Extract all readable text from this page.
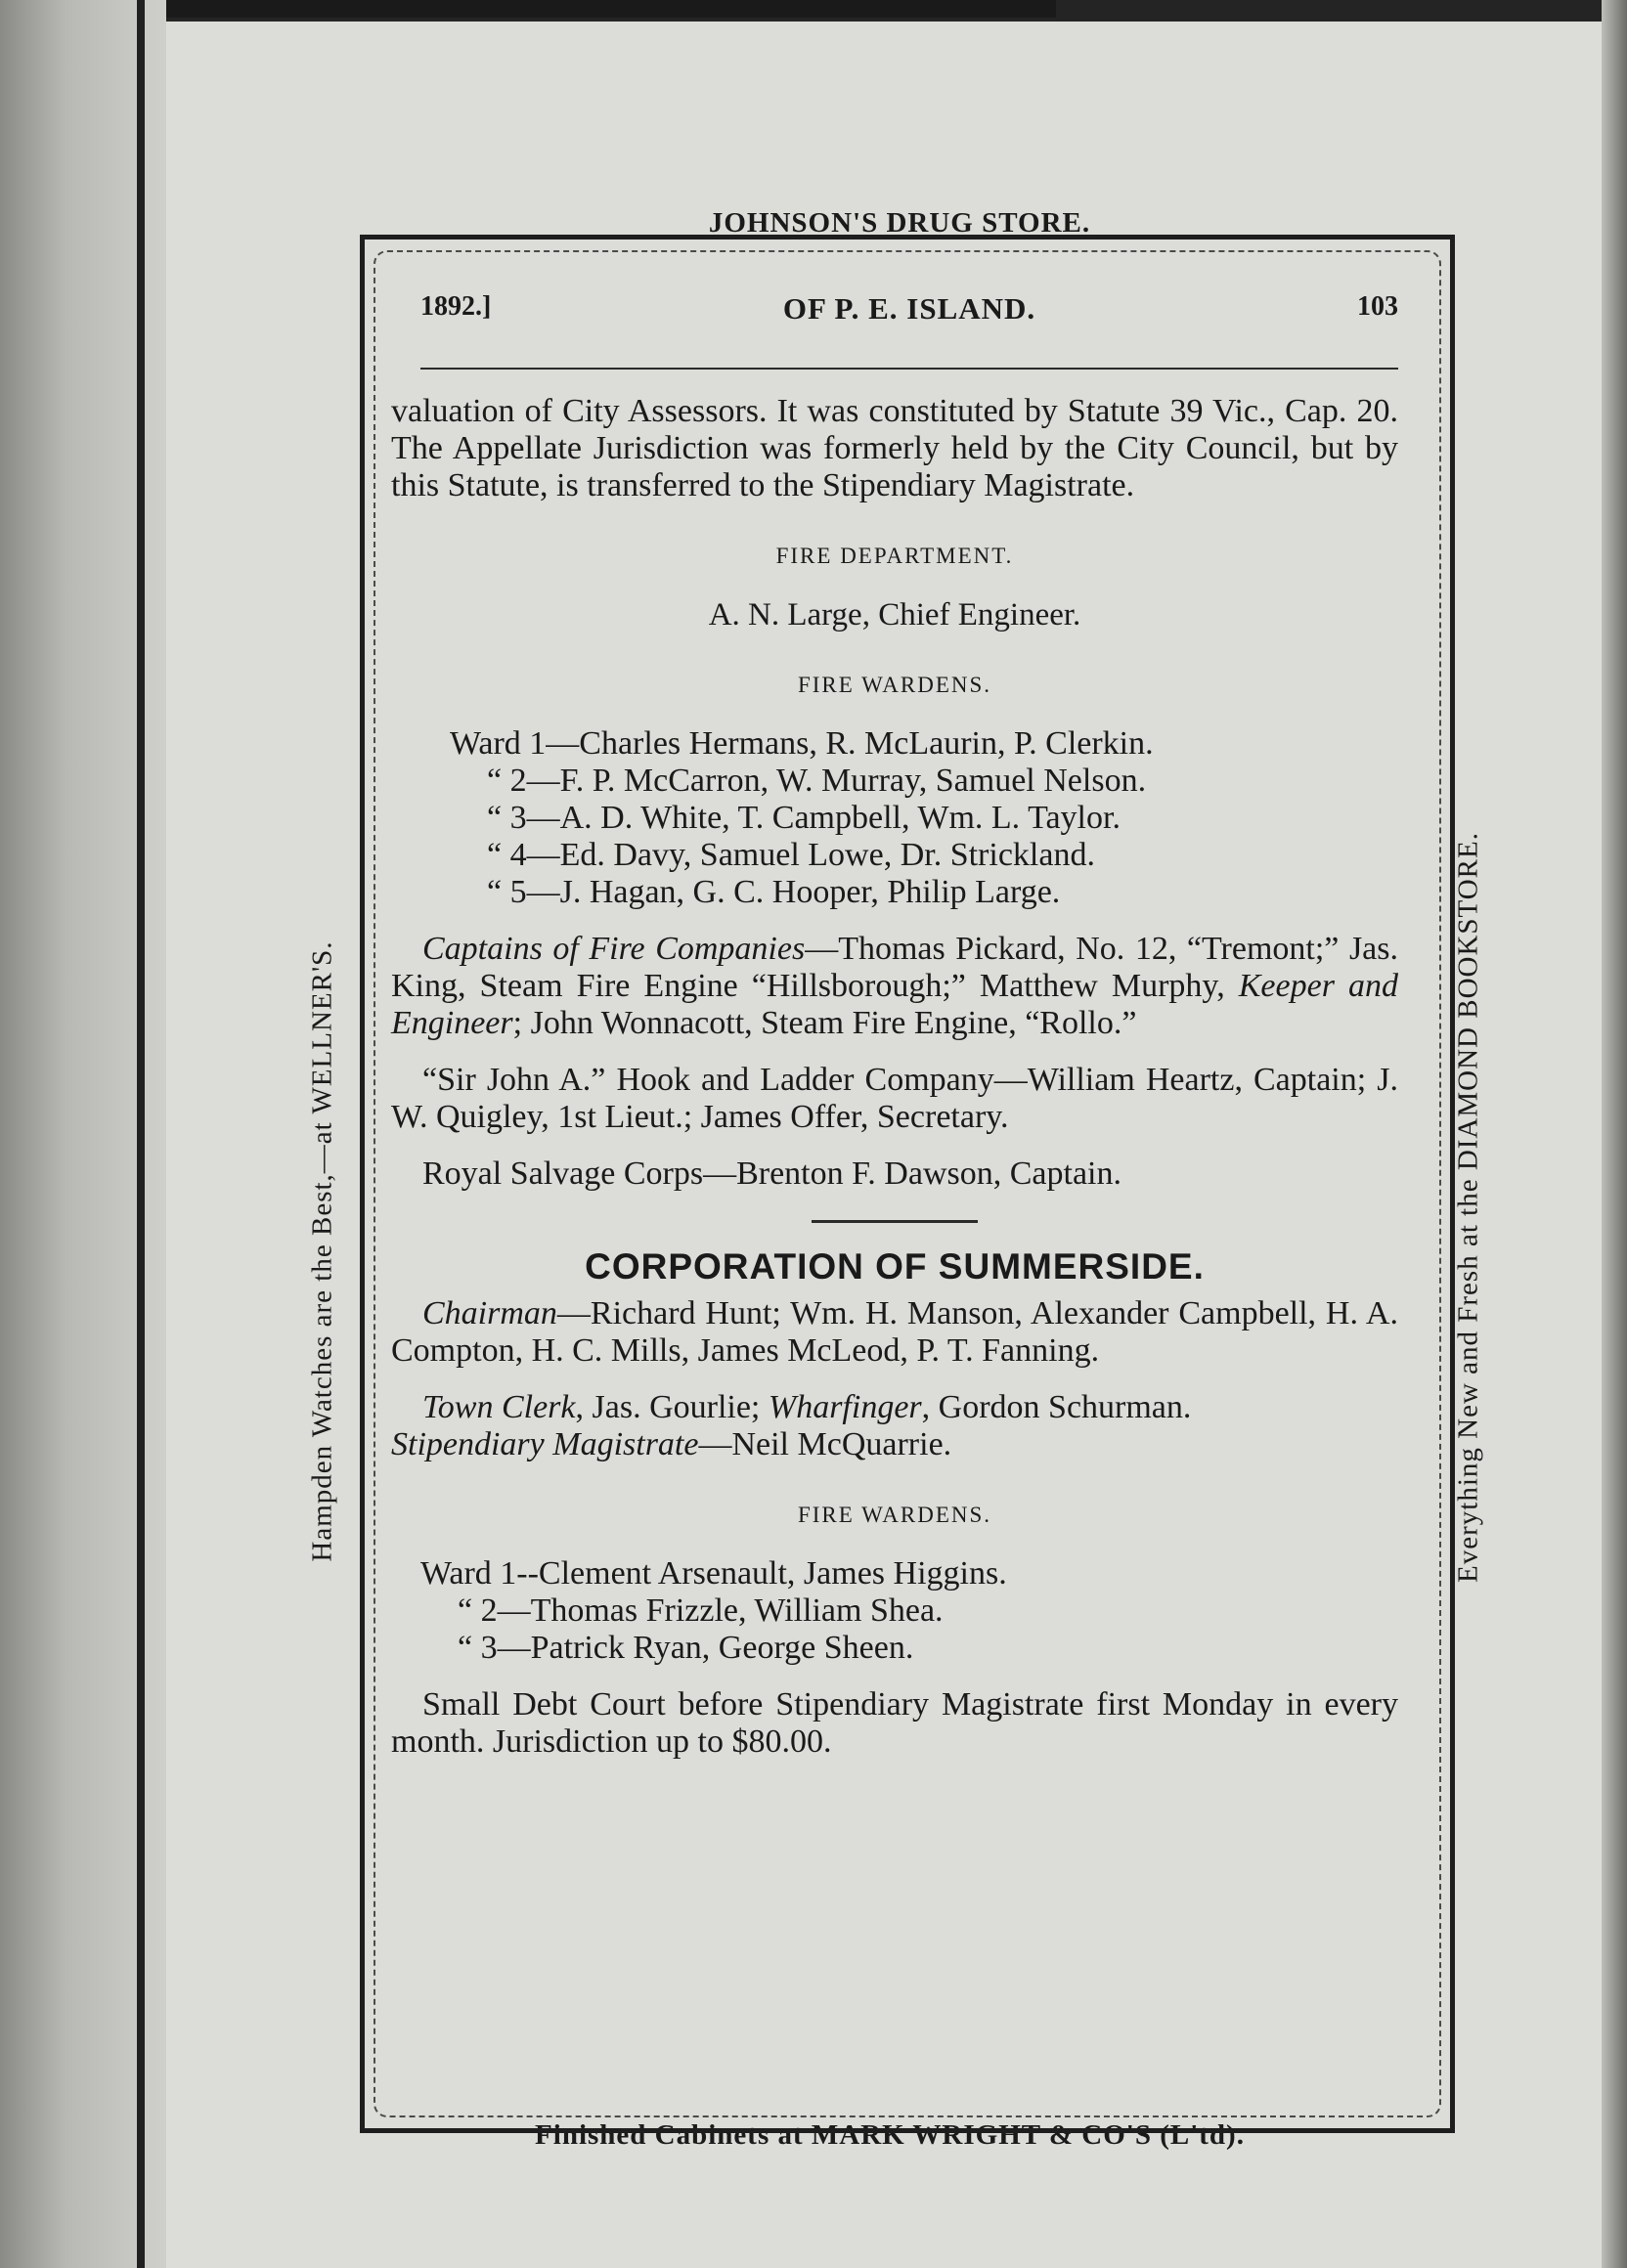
JOHNSON'S DRUG STORE.
Hampden Watches are the Best,—at WELLNER'S.	Everything New and Fresh at the DIAMOND BOOKSTORE.
Finished Cabinets at MARK WRIGHT & CO'S (L'td).
1892.]	OF P. E. ISLAND.	103

valuation of City Assessors. It was constituted by Statute 39 Vic., Cap. 20. The Appellate Jurisdiction was formerly held by the City Council, but by this Statute, is transferred to the Stipendiary Magistrate.

FIRE DEPARTMENT.
A. N. Large, Chief Engineer.
FIRE WARDENS.
Ward 1 —Charles Hermans, R. McLaurin, P. Clerkin.
“ 2 —F. P. McCarron, W. Murray, Samuel Nelson.
“ 3 —A. D. White, T. Campbell, Wm. L. Taylor.
“ 4 —Ed. Davy, Samuel Lowe, Dr. Strickland.
“ 5 —J. Hagan, G. C. Hooper, Philip Large.

Captains of Fire Companies—Thomas Pickard, No. 12, “Tremont;” Jas. King, Steam Fire Engine “Hillsborough;” Matthew Murphy, Keeper and Engineer; John Wonnacott, Steam Fire Engine, “Rollo.”

“Sir John A.” Hook and Ladder Company—William Heartz, Captain; J. W. Quigley, 1st Lieut.; James Offer, Secretary.

Royal Salvage Corps—Brenton F. Dawson, Captain.

CORPORATION OF SUMMERSIDE.

Chairman—Richard Hunt; Wm. H. Manson, Alexander Campbell, H. A. Compton, H. C. Mills, James McLeod, P. T. Fanning.

Town Clerk, Jas. Gourlie; Wharfinger, Gordon Schurman.
Stipendiary Magistrate—Neil McQuarrie.

FIRE WARDENS.
Ward 1 --Clement Arsenault, James Higgins.
“ 2 —Thomas Frizzle, William Shea.
“ 3 —Patrick Ryan, George Sheen.

Small Debt Court before Stipendiary Magistrate first Monday in every month. Jurisdiction up to $80.00.
